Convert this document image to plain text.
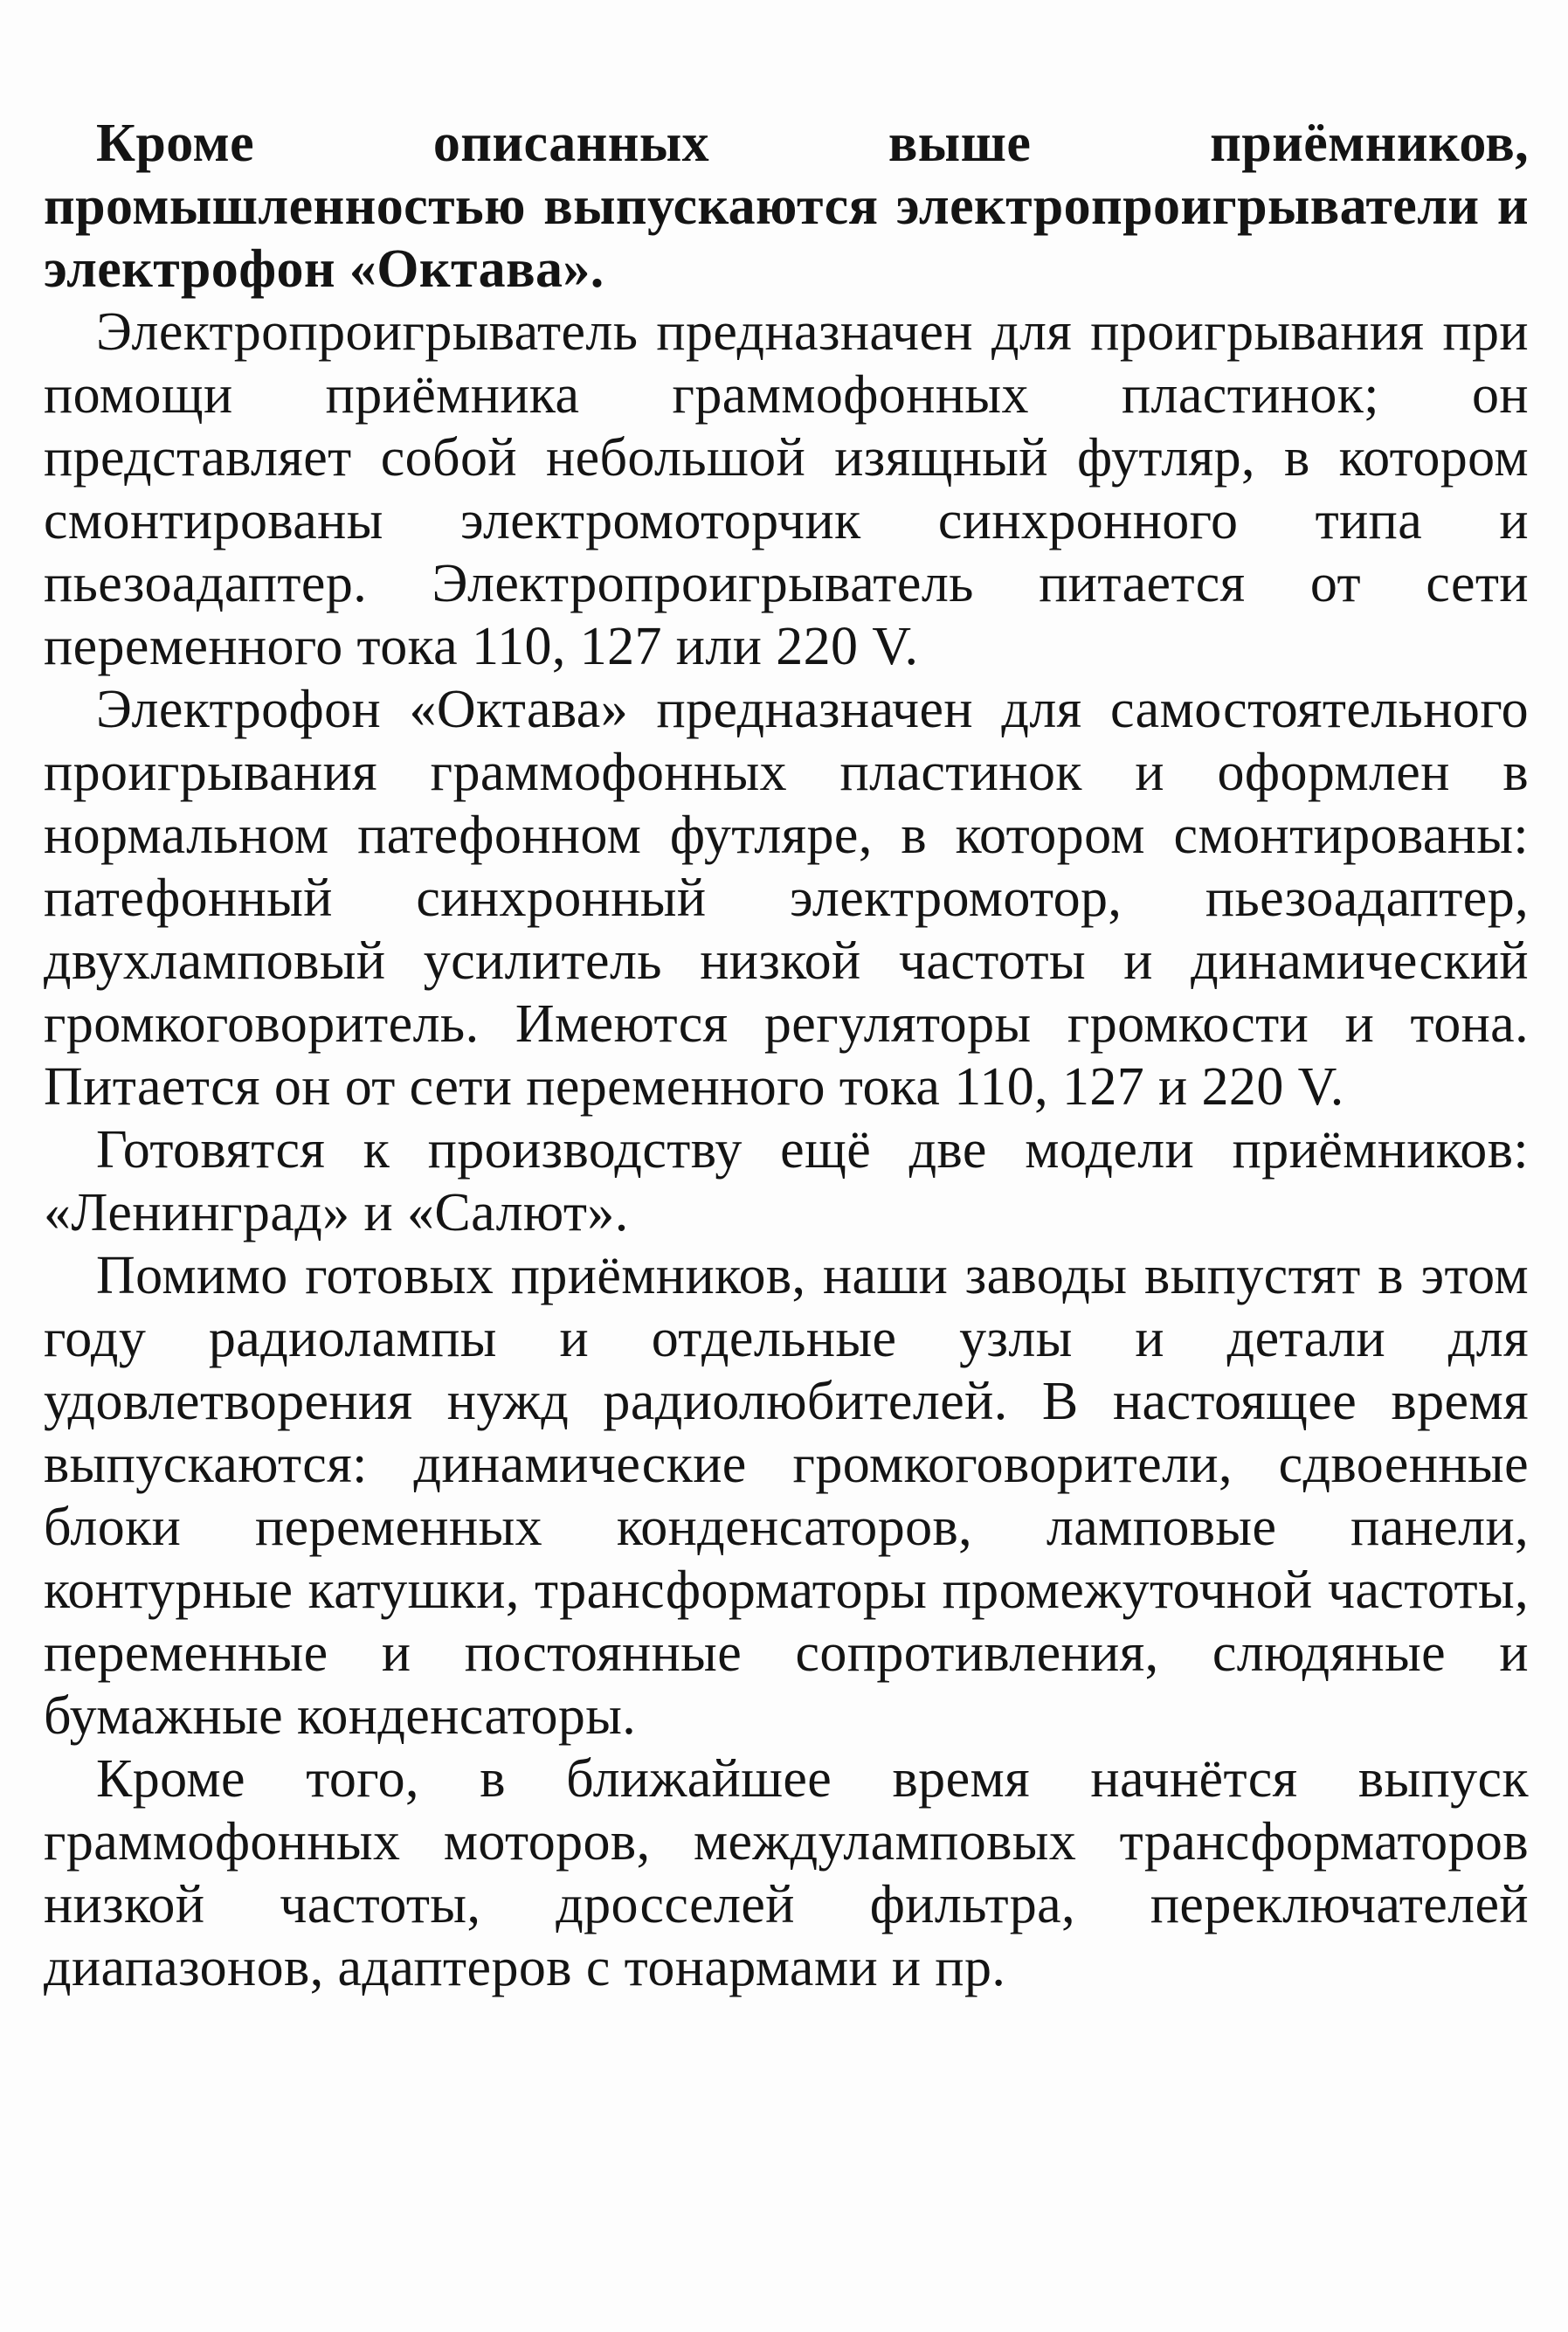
Кроме описанных выше приёмников, промышленностью выпускаются электропроигрыватели и электрофон «Октава».

Электропроигрыватель предназначен для проигрывания при помощи приёмника граммофонных пластинок; он представляет собой небольшой изящный футляр, в котором смонтированы электромоторчик синхронного типа и пьезоадаптер. Электропроигрыватель питается от сети переменного тока 110, 127 или 220 V.

Электрофон «Октава» предназначен для самостоятельного проигрывания граммофонных пластинок и оформлен в нормальном патефонном футляре, в котором смонтированы: патефонный синхронный электромотор, пьезоадаптер, двухламповый усилитель низкой частоты и динамический громкоговоритель. Имеются регуляторы громкости и тона. Питается он от сети переменного тока 110, 127 и 220 V.

Готовятся к производству ещё две модели приёмников: «Ленинград» и «Салют».

Помимо готовых приёмников, наши заводы выпустят в этом году радиолампы и отдельные узлы и детали для удовлетворения нужд радиолюбителей. В настоящее время выпускаются: динамические громкоговорители, сдвоенные блоки переменных конденсаторов, ламповые панели, контурные катушки, трансформаторы промежуточной частоты, переменные и постоянные сопротивления, слюдяные и бумажные конденсаторы.

Кроме того, в ближайшее время начнётся выпуск граммофонных моторов, междуламповых трансформаторов низкой частоты, дросселей фильтра, переключателей диапазонов, адаптеров с тонармами и пр.
